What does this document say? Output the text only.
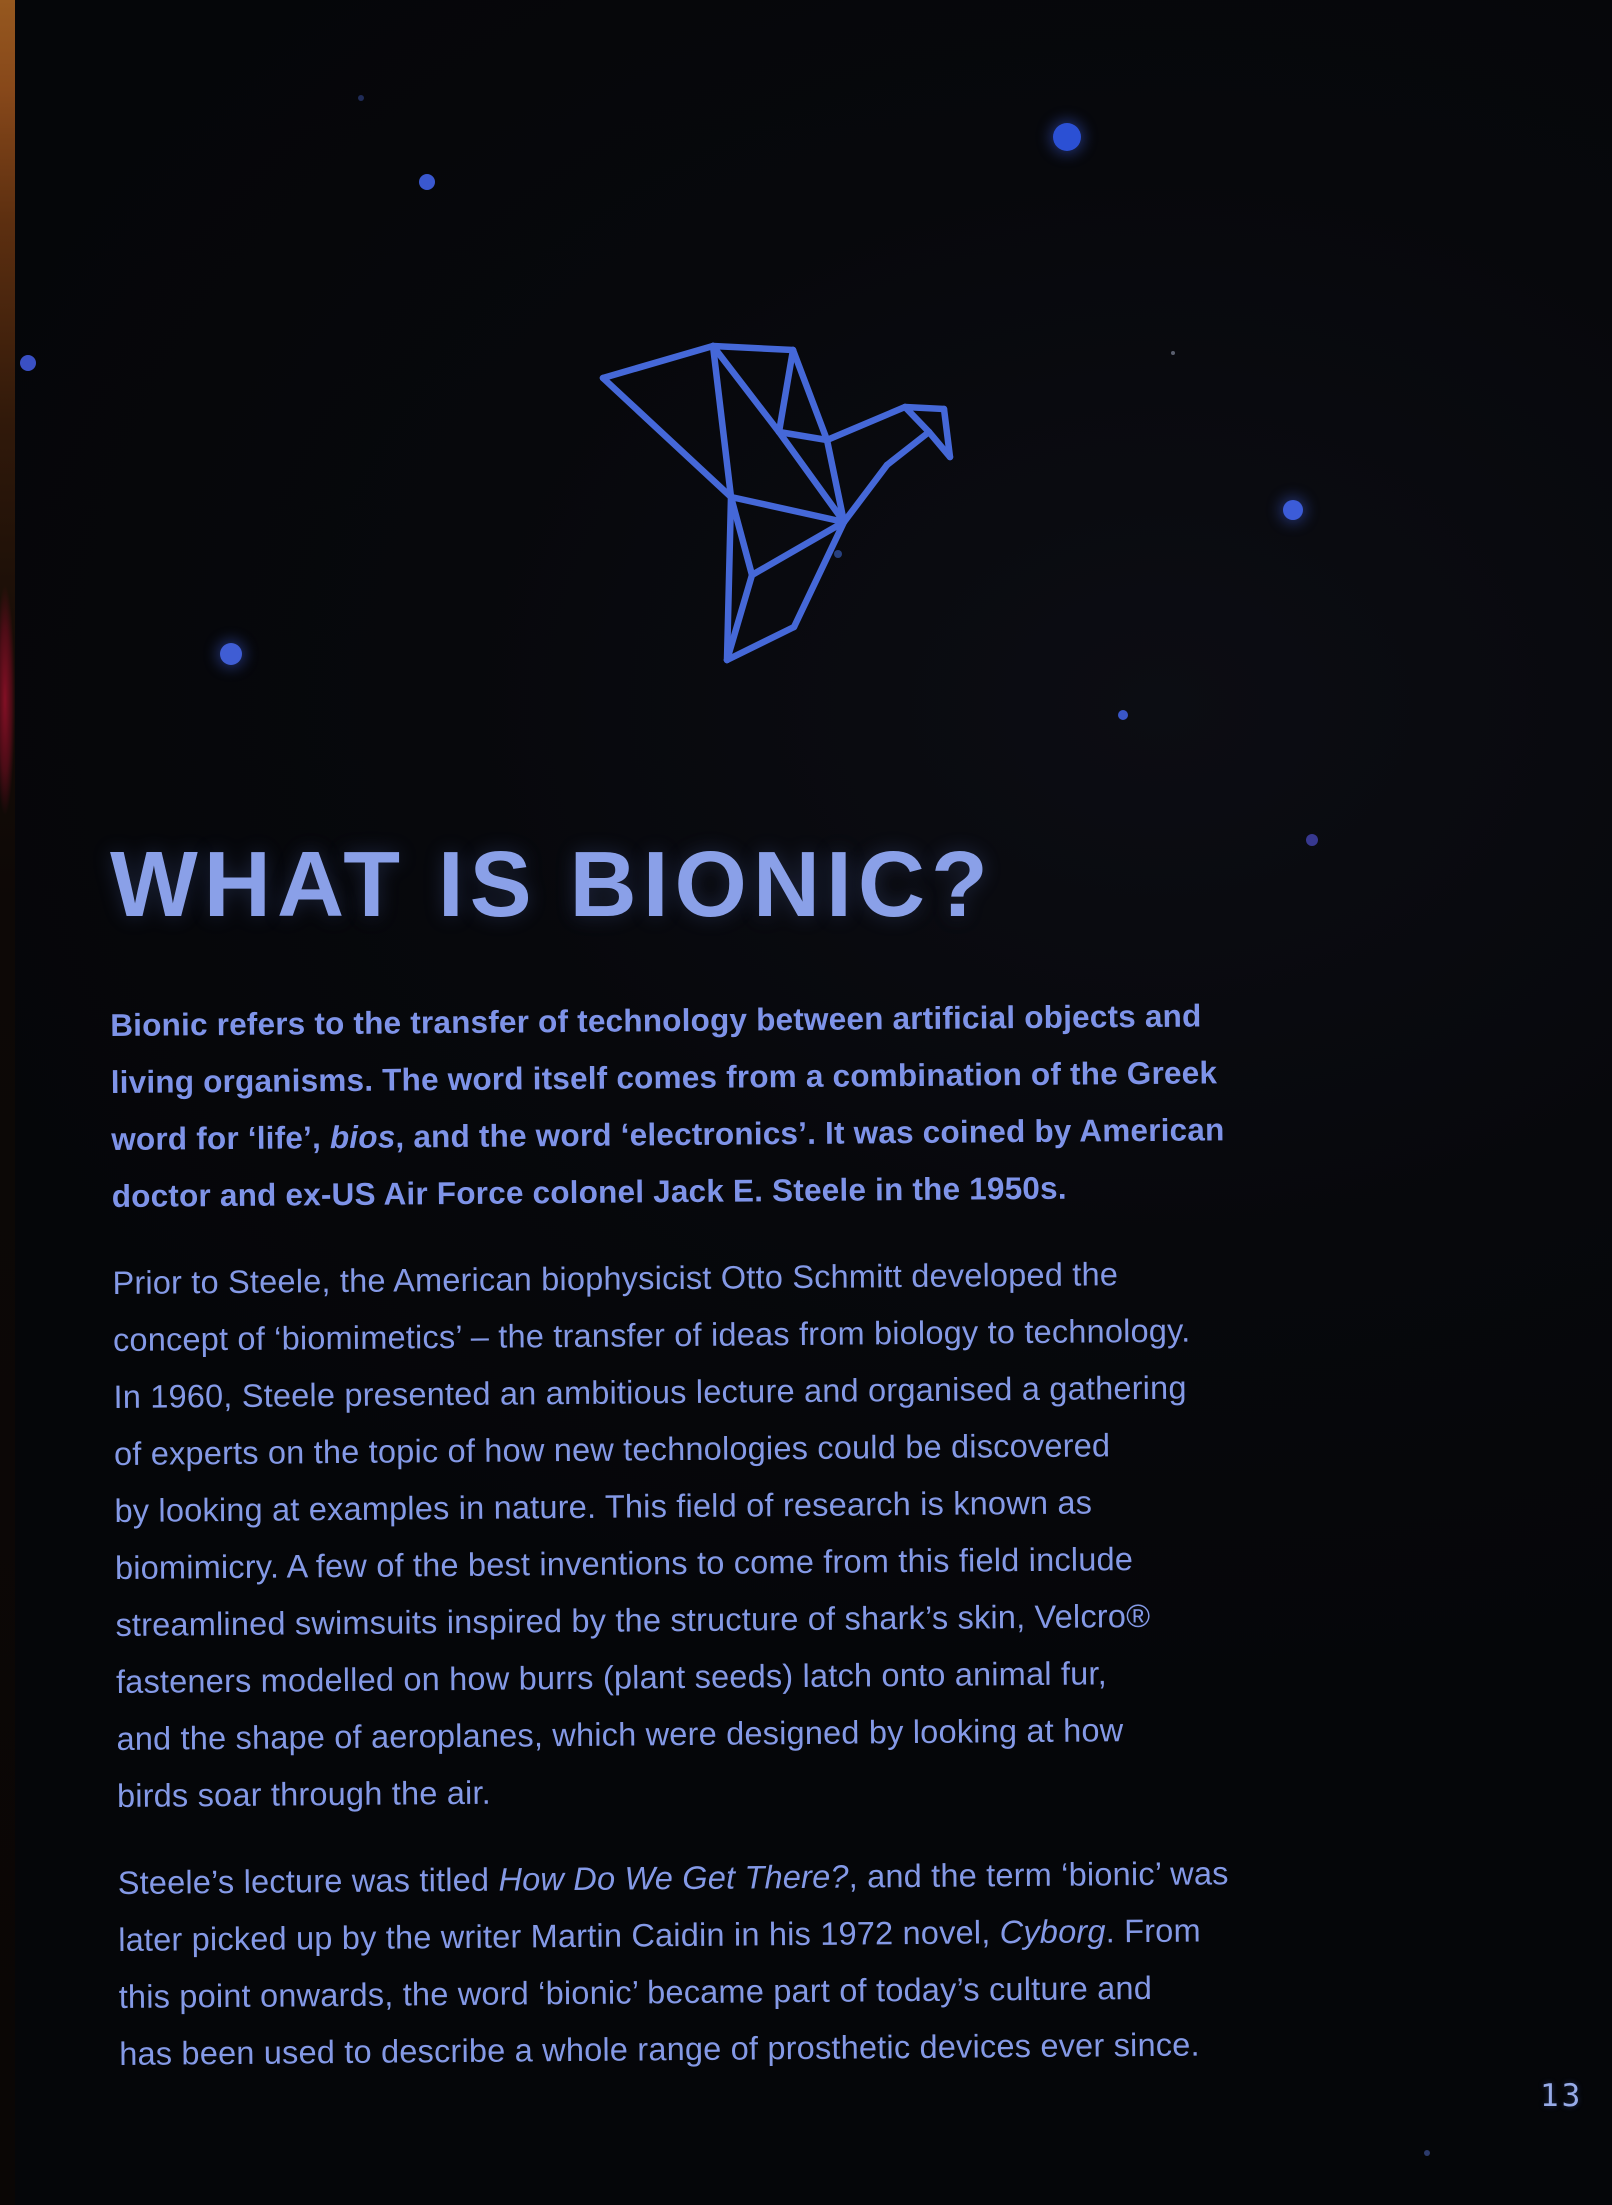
WHAT IS BIONIC?
Bionic refers to the transfer of technology between artificial objects and
living organisms. The word itself comes from a combination of the Greek
word for ‘life’, bios, and the word ‘electronics’. It was coined by American
doctor and ex-US Air Force colonel Jack E. Steele in the 1950s.
Prior to Steele, the American biophysicist Otto Schmitt developed the
concept of ‘biomimetics’ – the transfer of ideas from biology to technology.
In 1960, Steele presented an ambitious lecture and organised a gathering
of experts on the topic of how new technologies could be discovered
by looking at examples in nature. This field of research is known as
biomimicry. A few of the best inventions to come from this field include
streamlined swimsuits inspired by the structure of shark’s skin, Velcro®
fasteners modelled on how burrs (plant seeds) latch onto animal fur,
and the shape of aeroplanes, which were designed by looking at how
birds soar through the air.
Steele’s lecture was titled How Do We Get There?, and the term ‘bionic’ was
later picked up by the writer Martin Caidin in his 1972 novel, Cyborg. From
this point onwards, the word ‘bionic’ became part of today’s culture and
has been used to describe a whole range of prosthetic devices ever since.
13
